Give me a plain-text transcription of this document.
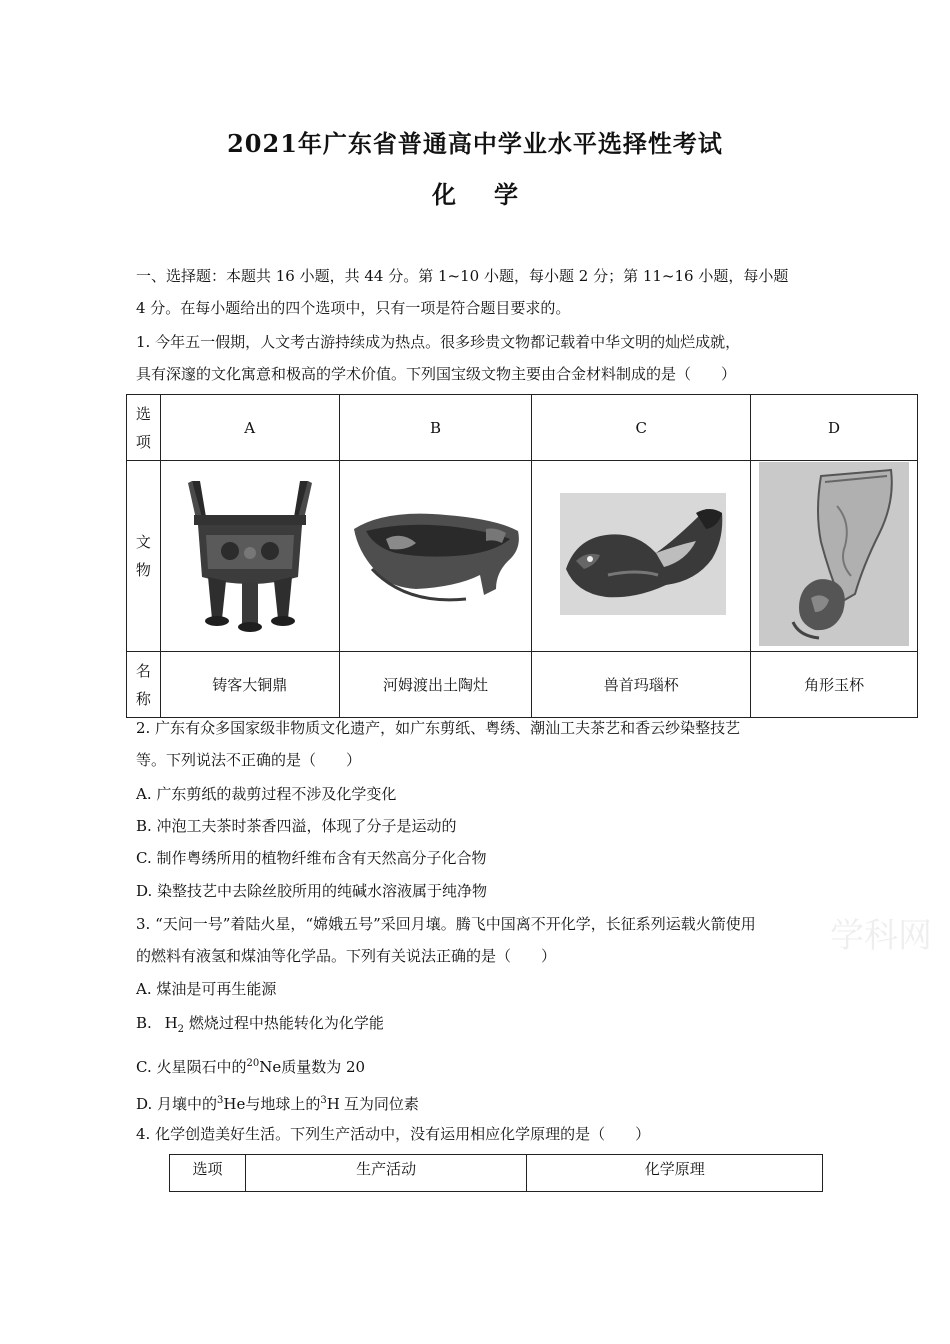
2021年广东省普通高中学业水平选择性考试
化学
一、选择题：本题共 16 小题，共 44 分。第 1~10 小题，每小题 2 分；第 11~16 小题，每小题
4 分。在每小题给出的四个选项中，只有一项是符合题目要求的。
1. 今年五一假期，人文考古游持续成为热点。很多珍贵文物都记载着中华文明的灿烂成就，
具有深邃的文化寓意和极高的学术价值。下列国宝级文物主要由合金材料制成的是（　　）
选
项	A	B	C	D

文
物

名
称	铸客大铜鼎	河姆渡出土陶灶	兽首玛瑙杯	角形玉杯
2. 广东有众多国家级非物质文化遗产，如广东剪纸、粤绣、潮汕工夫茶艺和香云纱染整技艺
等。下列说法不正确的是（　　）
A. 广东剪纸的裁剪过程不涉及化学变化
B. 冲泡工夫茶时茶香四溢，体现了分子是运动的
C. 制作粤绣所用的植物纤维布含有天然高分子化合物
D. 染整技艺中去除丝胶所用的纯碱水溶液属于纯净物
3. “天问一号”着陆火星，“嫦娥五号”采回月壤。腾飞中国离不开化学，长征系列运载火箭使用
的燃料有液氢和煤油等化学品。下列有关说法正确的是（　　）
A. 煤油是可再生能源
B. $H_2$ 燃烧过程中热能转化为化学能
C. 火星陨石中的$^{20}$Ne质量数为 20
D. 月壤中的$^3$He与地球上的$^3$H 互为同位素
4. 化学创造美好生活。下列生产活动中，没有运用相应化学原理的是（　　）
选项	生产活动	化学原理
学科网
